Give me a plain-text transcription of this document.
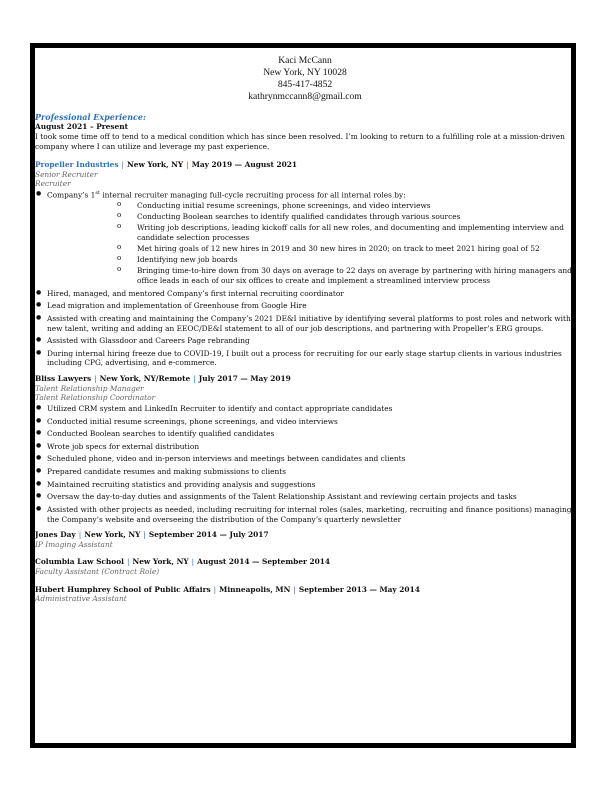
Kaci McCann
New York, NY 10028
845-417-4852
kathrynmccann8@gmail.com
Professional Experience:
August 2021 – Present
I took some time off to tend to a medical condition which has since been resolved. I’m looking to return to a fulfilling role at a mission-driven company where I can utilize and leverage my past experience.
Propeller Industries | New York, NY | May 2019 — August 2021
Senior Recruiter
Recruiter
● Company’s 1st internal recruiter managing full-cycle recruiting process for all internal roles by:
o Conducting initial resume screenings, phone screenings, and video interviews
o Conducting Boolean searches to identify qualified candidates through various sources
o Writing job descriptions, leading kickoff calls for all new roles, and documenting and implementing interview and candidate selection processes
o Met hiring goals of 12 new hires in 2019 and 30 new hires in 2020; on track to meet 2021 hiring goal of 52
o Identifying new job boards
o Bringing time-to-hire down from 30 days on average to 22 days on average by partnering with hiring managers and office leads in each of our six offices to create and implement a streamlined interview process
● Hired, managed, and mentored Company’s first internal recruiting coordinator
● Lead migration and implementation of Greenhouse from Google Hire
● Assisted with creating and maintaining the Company’s 2021 DE&I initiative by identifying several platforms to post roles and network with new talent, writing and adding an EEOC/DE&I statement to all of our job descriptions, and partnering with Propeller’s ERG groups.
● Assisted with Glassdoor and Careers Page rebranding
● During internal hiring freeze due to COVID-19, I built out a process for recruiting for our early stage startup clients in various industries including CPG, advertising, and e-commerce.
Bliss Lawyers | New York, NY/Remote | July 2017 — May 2019
Talent Relationship Manager
Talent Relationship Coordinator
● Utilized CRM system and LinkedIn Recruiter to identify and contact appropriate candidates
● Conducted initial resume screenings, phone screenings, and video interviews
● Conducted Boolean searches to identify qualified candidates
● Wrote job specs for external distribution
● Scheduled phone, video and in-person interviews and meetings between candidates and clients
● Prepared candidate resumes and making submissions to clients
● Maintained recruiting statistics and providing analysis and suggestions
● Oversaw the day-to-day duties and assignments of the Talent Relationship Assistant and reviewing certain projects and tasks
● Assisted with other projects as needed, including recruiting for internal roles (sales, marketing, recruiting and finance positions) managing the Company’s website and overseeing the distribution of the Company’s quarterly newsletter
Jones Day | New York, NY | September 2014 — July 2017
IP Imaging Assistant
Columbia Law School | New York, NY | August 2014 — September 2014
Faculty Assistant (Contract Role)
Hubert Humphrey School of Public Affairs | Minneapolis, MN | September 2013 — May 2014
Administrative Assistant
